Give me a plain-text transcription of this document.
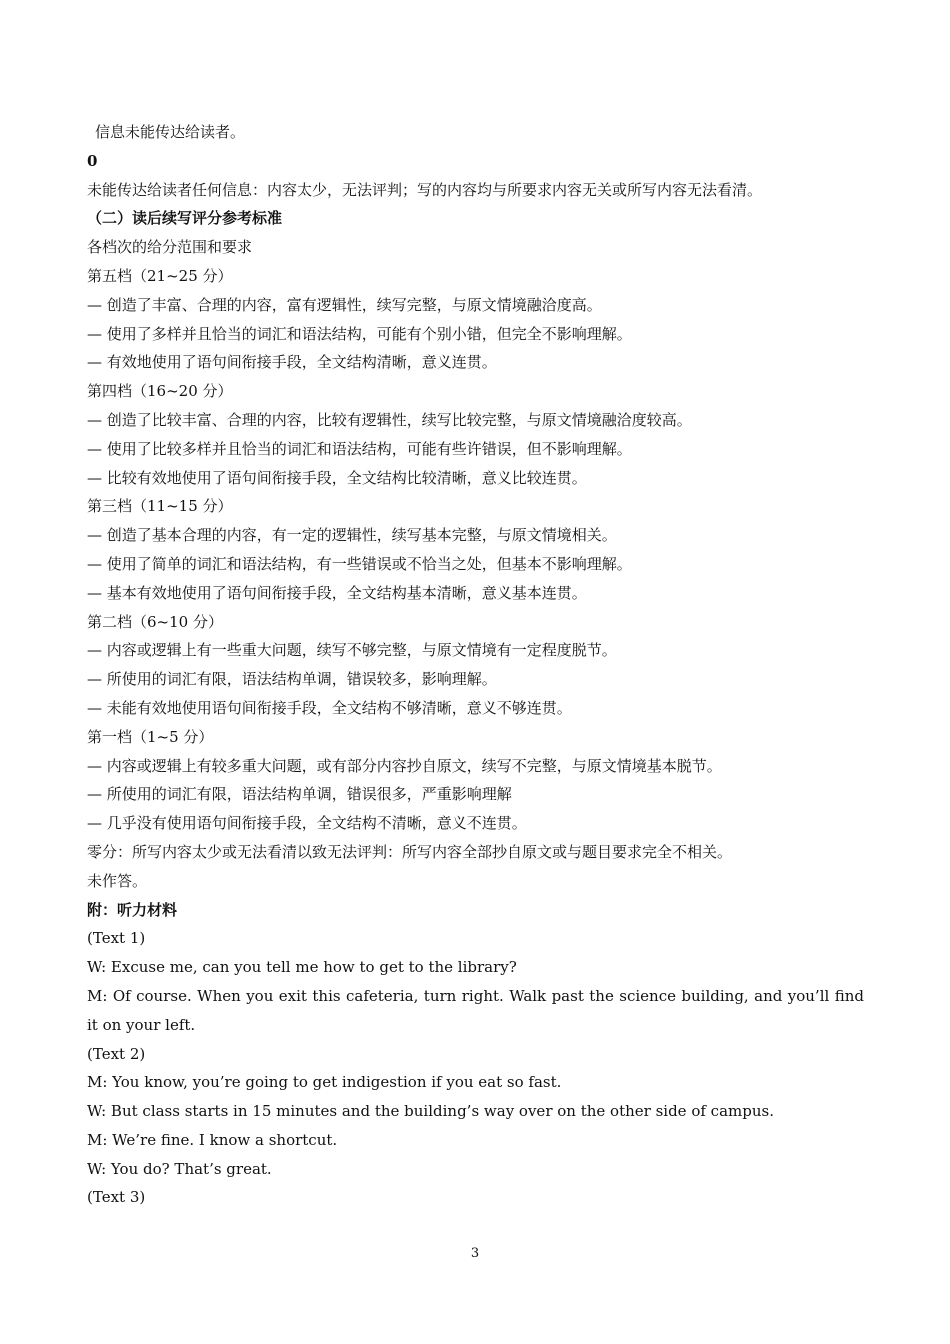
信息未能传达给读者。
0
未能传达给读者任何信息：内容太少，无法评判；写的内容均与所要求内容无关或所写内容无法看清。
（二）读后续写评分参考标准
各档次的给分范围和要求
第五档（21~25 分）
— 创造了丰富、合理的内容，富有逻辑性，续写完整，与原文情境融洽度高。
— 使用了多样并且恰当的词汇和语法结构，可能有个别小错，但完全不影响理解。
— 有效地使用了语句间衔接手段，全文结构清晰，意义连贯。
第四档（16~20 分）
— 创造了比较丰富、合理的内容，比较有逻辑性，续写比较完整，与原文情境融洽度较高。
— 使用了比较多样并且恰当的词汇和语法结构，可能有些许错误，但不影响理解。
— 比较有效地使用了语句间衔接手段，全文结构比较清晰，意义比较连贯。
第三档（11~15 分）
— 创造了基本合理的内容，有一定的逻辑性，续写基本完整，与原文情境相关。
— 使用了简单的词汇和语法结构，有一些错误或不恰当之处，但基本不影响理解。
— 基本有效地使用了语句间衔接手段，全文结构基本清晰，意义基本连贯。
第二档（6~10 分）
— 内容或逻辑上有一些重大问题，续写不够完整，与原文情境有一定程度脱节。
— 所使用的词汇有限，语法结构单调，错误较多，影响理解。
— 未能有效地使用语句间衔接手段，全文结构不够清晰，意义不够连贯。
第一档（1~5 分）
— 内容或逻辑上有较多重大问题，或有部分内容抄自原文，续写不完整，与原文情境基本脱节。
— 所使用的词汇有限，语法结构单调，错误很多，严重影响理解
— 几乎没有使用语句间衔接手段，全文结构不清晰，意义不连贯。
零分：所写内容太少或无法看清以致无法评判：所写内容全部抄自原文或与题目要求完全不相关。
未作答。
附：听力材料
(Text 1)
W: Excuse me, can you tell me how to get to the library?
M: Of course. When you exit this cafeteria, turn right. Walk past the science building, and you’ll find it on your left.
(Text 2)
M: You know, you’re going to get indigestion if you eat so fast.
W: But class starts in 15 minutes and the building’s way over on the other side of campus.
M: We’re fine. I know a shortcut.
W: You do? That’s great.
(Text 3)
3
